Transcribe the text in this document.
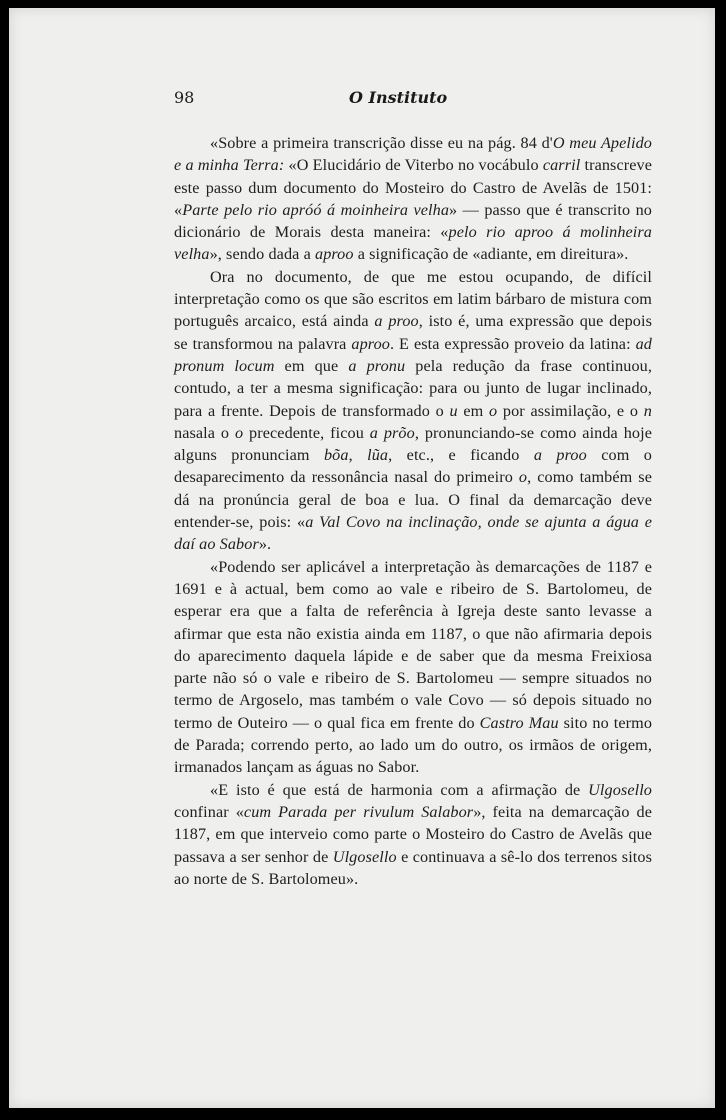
98	O Instituto

«Sobre a primeira transcrição disse eu na pág. 84 d'O meu Apelido e a minha Terra: «O Elucidário de Viterbo no vocábulo carril transcreve este passo dum documento do Mosteiro do Castro de Avelãs de 1501: «Parte pelo rio apróó á moinheira velha» — passo que é transcrito no dicionário de Morais desta maneira: «pelo rio aproo á molinheira velha», sendo dada a aproo a significação de «adiante, em direitura».

Ora no documento, de que me estou ocupando, de difícil interpretação como os que são escritos em latim bárbaro de mistura com português arcaico, está ainda a proo, isto é, uma expressão que depois se transformou na palavra aproo. E esta expressão proveio da latina: ad pronum locum em que a pronu pela redução da frase continuou, contudo, a ter a mesma significação: para ou junto de lugar inclinado, para a frente. Depois de transformado o u em o por assimilação, e o n nasala o o precedente, ficou a prõo, pronunciando-se como ainda hoje alguns pronunciam bõa, lũa, etc., e ficando a proo com o desaparecimento da ressonância nasal do primeiro o, como também se dá na pronúncia geral de boa e lua. O final da demarcação deve entender-se, pois: «a Val Covo na inclinação, onde se ajunta a água e daí ao Sabor».

«Podendo ser aplicável a interpretação às demarcações de 1187 e 1691 e à actual, bem como ao vale e ribeiro de S. Bartolomeu, de esperar era que a falta de referência à Igreja deste santo levasse a afirmar que esta não existia ainda em 1187, o que não afirmaria depois do aparecimento daquela lápide e de saber que da mesma Freixiosa parte não só o vale e ribeiro de S. Bartolomeu — sempre situados no termo de Argoselo, mas também o vale Covo — só depois situado no termo de Outeiro — o qual fica em frente do Castro Mau sito no termo de Parada; correndo perto, ao lado um do outro, os irmãos de origem, irmanados lançam as águas no Sabor.

«E isto é que está de harmonia com a afirmação de Ulgosello confinar «cum Parada per rivulum Salabor», feita na demarcação de 1187, em que interveio como parte o Mosteiro do Castro de Avelãs que passava a ser senhor de Ulgosello e continuava a sê-lo dos terrenos sitos ao norte de S. Bartolomeu».
